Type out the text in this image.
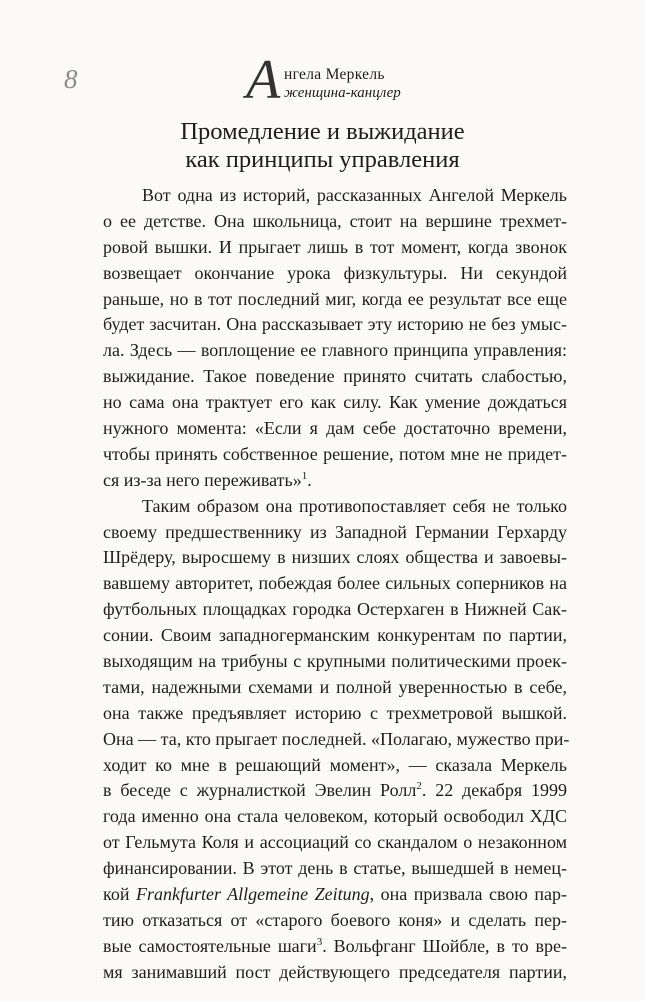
8	А нгела Меркель
женщина-канцлер
Промедление и выжидание
как принципы управления
Вот одна из историй, рассказанных Ангелой Меркель
о ее детстве. Она школьница, стоит на вершине трехмет-
ровой вышки. И прыгает лишь в тот момент, когда звонок
возвещает окончание урока физкультуры. Ни секундой
раньше, но в тот последний миг, когда ее результат все еще
будет засчитан. Она рассказывает эту историю не без умыс-
ла. Здесь — воплощение ее главного принципа управления:
выжидание. Такое поведение принято считать слабостью,
но сама она трактует его как силу. Как умение дождаться
нужного момента: «Если я дам себе достаточно времени,
чтобы принять собственное решение, потом мне не придет-
ся из-за него переживать»$^1$.
Таким образом она противопоставляет себя не только
своему предшественнику из Западной Германии Герхарду
Шрёдеру, выросшему в низших слоях общества и завоевы-
вавшему авторитет, побеждая более сильных соперников на
футбольных площадках городка Остерхаген в Нижней Сак-
сонии. Своим западногерманским конкурентам по партии,
выходящим на трибуны с крупными политическими проек-
тами, надежными схемами и полной уверенностью в себе,
она также предъявляет историю с трехметровой вышкой.
Она — та, кто прыгает последней. «Полагаю, мужество при-
ходит ко мне в решающий момент», — сказала Меркель
в беседе с журналисткой Эвелин Ролл$^2$. 22 декабря 1999
года именно она стала человеком, который освободил ХДС
от Гельмута Коля и ассоциаций со скандалом о незаконном
финансировании. В этот день в статье, вышедшей в немец-
кой Frankfurter Allgemeine Zeitung, она призвала свою пар-
тию отказаться от «старого боевого коня» и сделать пер-
вые самостоятельные шаги$^3$. Вольфганг Шойбле, в то вре-
мя занимавший пост действующего председателя партии,
